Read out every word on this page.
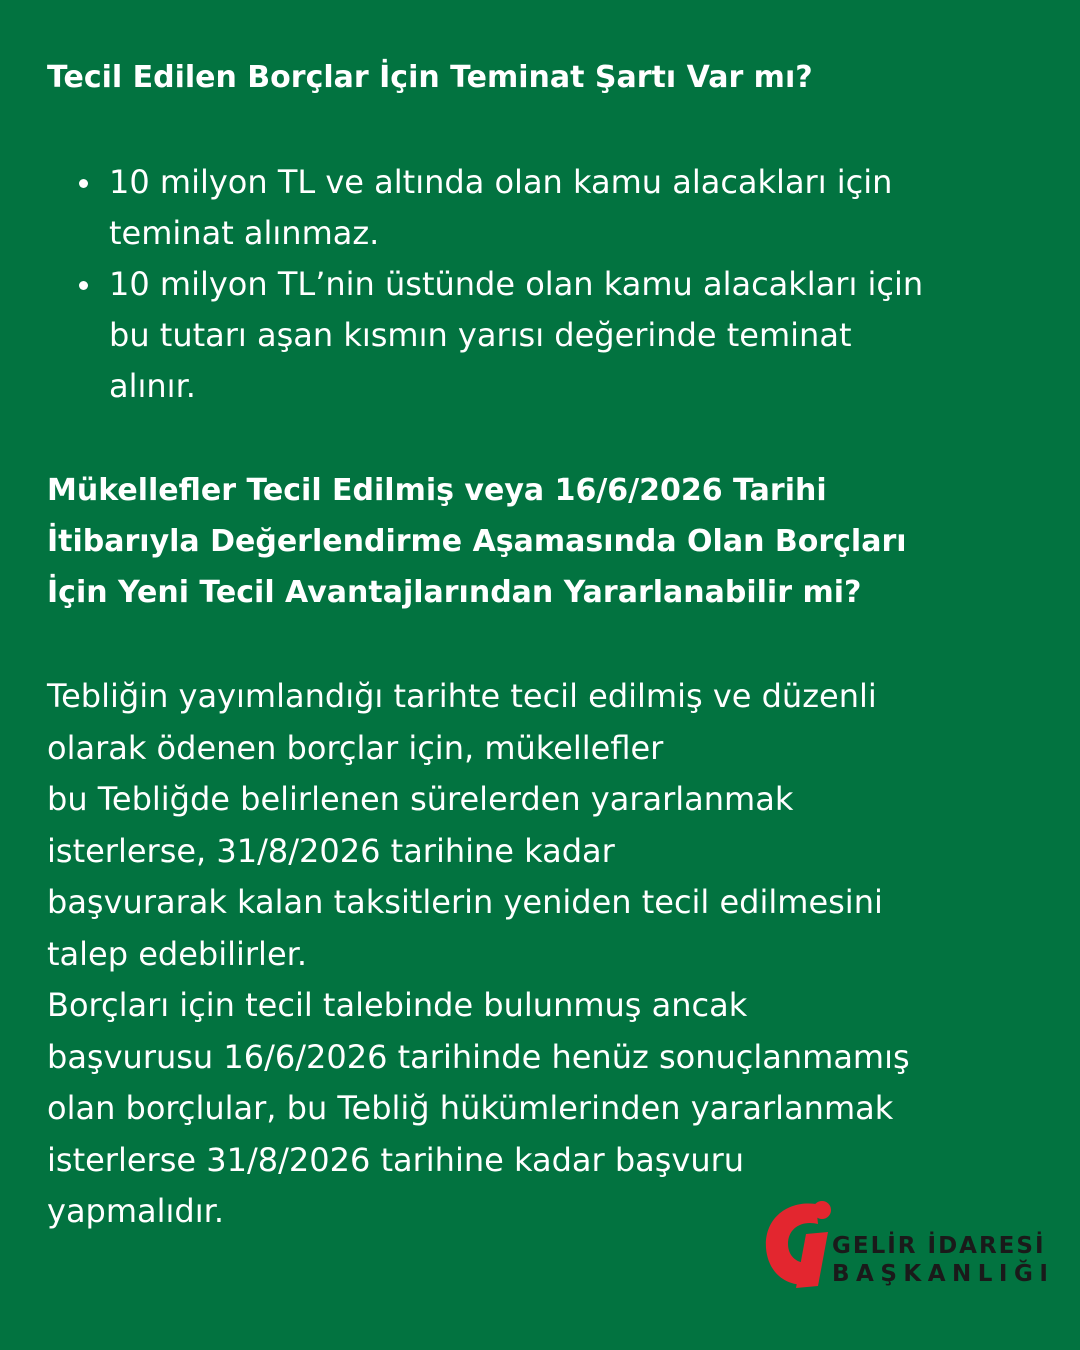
Tecil Edilen Borçlar İçin Teminat Şartı Var mı?
10 milyon TL ve altında olan kamu alacakları için
teminat alınmaz.
10 milyon TL’nin üstünde olan kamu alacakları için
bu tutarı aşan kısmın yarısı değerinde teminat
alınır.
Mükellefler Tecil Edilmiş veya 16/6/2026 Tarihi
İtibarıyla Değerlendirme Aşamasında Olan Borçları
İçin Yeni Tecil Avantajlarından Yararlanabilir mi?

Tebliğin yayımlandığı tarihte tecil edilmiş ve düzenli
olarak ödenen borçlar için, mükellefler
bu Tebliğde belirlenen sürelerden yararlanmak
isterlerse, 31/8/2026 tarihine kadar
başvurarak kalan taksitlerin yeniden tecil edilmesini
talep edebilirler.
Borçları için tecil talebinde bulunmuş ancak
başvurusu 16/6/2026 tarihinde henüz sonuçlanmamış
olan borçlular, bu Tebliğ hükümlerinden yararlanmak
isterlerse 31/8/2026 tarihine kadar başvuru
yapmalıdır.

GELİR İDARESİ
BAŞKANLIĞI
